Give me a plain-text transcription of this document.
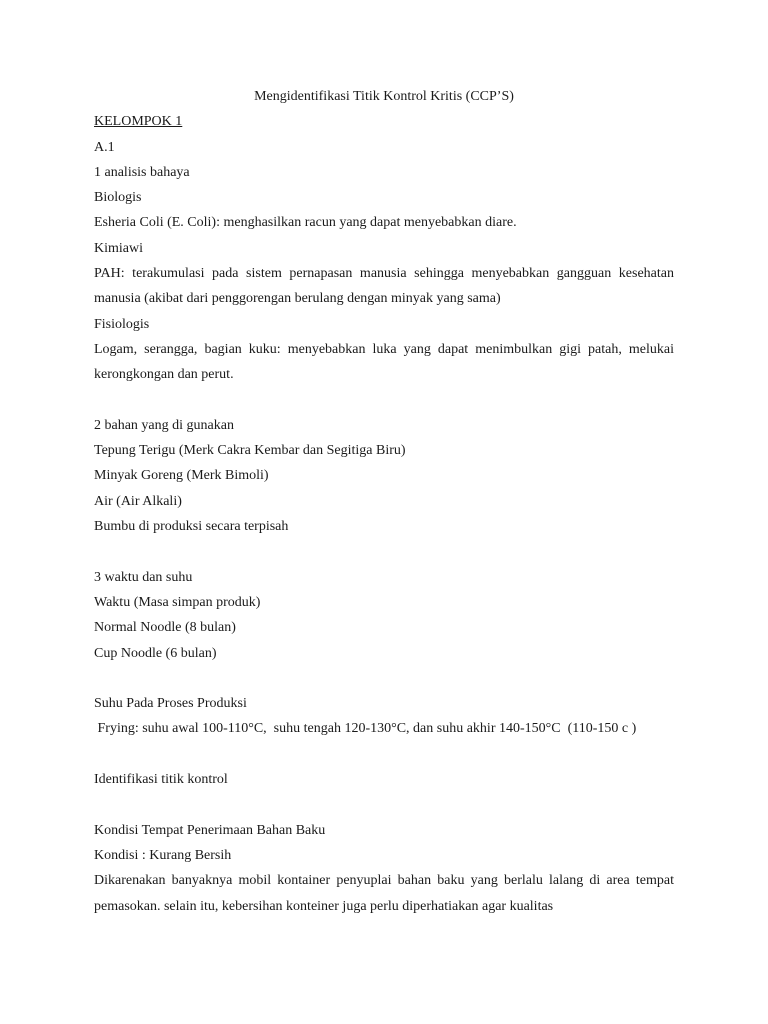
Mengidentifikasi Titik Kontrol Kritis (CCP’S)
KELOMPOK 1
A.1
1 analisis bahaya
Biologis
Esheria Coli (E. Coli): menghasilkan racun yang dapat menyebabkan diare.
Kimiawi
PAH: terakumulasi pada sistem pernapasan manusia sehingga menyebabkan gangguan kesehatan manusia (akibat dari penggorengan berulang dengan minyak yang sama)
Fisiologis
Logam, serangga, bagian kuku: menyebabkan luka yang dapat menimbulkan gigi patah, melukai kerongkongan dan perut.
2 bahan yang di gunakan
Tepung Terigu (Merk Cakra Kembar dan Segitiga Biru)
Minyak Goreng (Merk Bimoli)
Air (Air Alkali)
Bumbu di produksi secara terpisah
3 waktu dan suhu
Waktu (Masa simpan produk)
Normal Noodle (8 bulan)
Cup Noodle (6 bulan)
Suhu Pada Proses Produksi
Frying: suhu awal 100-110°C,  suhu tengah 120-130°C, dan suhu akhir 140-150°C  (110-150 c )
Identifikasi titik kontrol
Kondisi Tempat Penerimaan Bahan Baku
Kondisi : Kurang Bersih
Dikarenakan banyaknya mobil kontainer penyuplai bahan baku yang berlalu lalang di area tempat pemasokan. selain itu, kebersihan konteiner juga perlu diperhatiakan agar kualitas
